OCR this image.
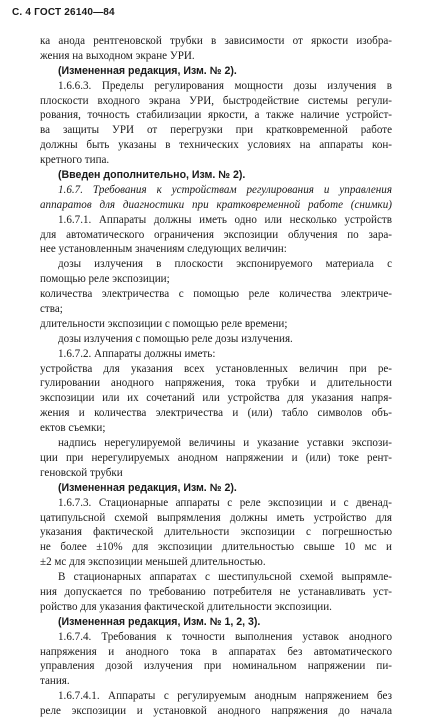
С. 4 ГОСТ 26140—84
ка анода рентгеновской трубки в зависимости от яркости изобра-
жения на выходном экране УРИ.
(Измененная редакция, Изм. № 2).
1.6.6.3. Пределы регулирования мощности дозы излучения в
плоскости входного экрана УРИ, быстродействие системы регули-
рования, точность стабилизации яркости, а также наличие устройст-
ва защиты УРИ от перегрузки при кратковременной работе
должны быть указаны в технических условиях на аппараты кон-
кретного типа.
(Введен дополнительно, Изм. № 2).
1.6.7. Требования к устройствам регулирования и управления
аппаратов для диагностики при кратковременной работе (снимки)
1.6.7.1. Аппараты должны иметь одно или несколько устройств
для автоматического ограничения экспозиции облучения по зара-
нее установленным значениям следующих величин:
дозы излучения в плоскости экспонируемого материала с
помощью реле экспозиции;
количества электричества с помощью реле количества электриче-
ства;
длительности экспозиции с помощью реле времени;
дозы излучения с помощью реле дозы излучения.
1.6.7.2. Аппараты должны иметь:
устройства для указания всех установленных величин при ре-
гулировании анодного напряжения, тока трубки и длительности
экспозиции или их сочетаний или устройства для указания напря-
жения и количества электричества и (или) табло символов объ-
ектов съемки;
надпись нерегулируемой величины и указание уставки экспози-
ции при нерегулируемых анодном напряжении и (или) токе рент-
геновской трубки
(Измененная редакция, Изм. № 2).
1.6.7.3. Стационарные аппараты с реле экспозиции и с двенад-
цатипульсной схемой выпрямления должны иметь устройство для
указания фактической длительности экспозиции с погрешностью
не более ±10% для экспозиции длительностью свыше 10 мс и
±2 мс для экспозиции меньшей длительностью.
В стационарных аппаратах с шестипульсной схемой выпрямле-
ния допускается по требованию потребителя не устанавливать уст-
ройство для указания фактической длительности экспозиции.
(Измененная редакция, Изм. № 1, 2, 3).
1.6.7.4. Требования к точности выполнения уставок анодного
напряжения и анодного тока в аппаратах без автоматического
управления дозой излучения при номинальном напряжении пи-
тания.
1.6.7.4.1. Аппараты с регулируемым анодным напряжением без
реле экспозиции и установкой анодного напряжения до начала
